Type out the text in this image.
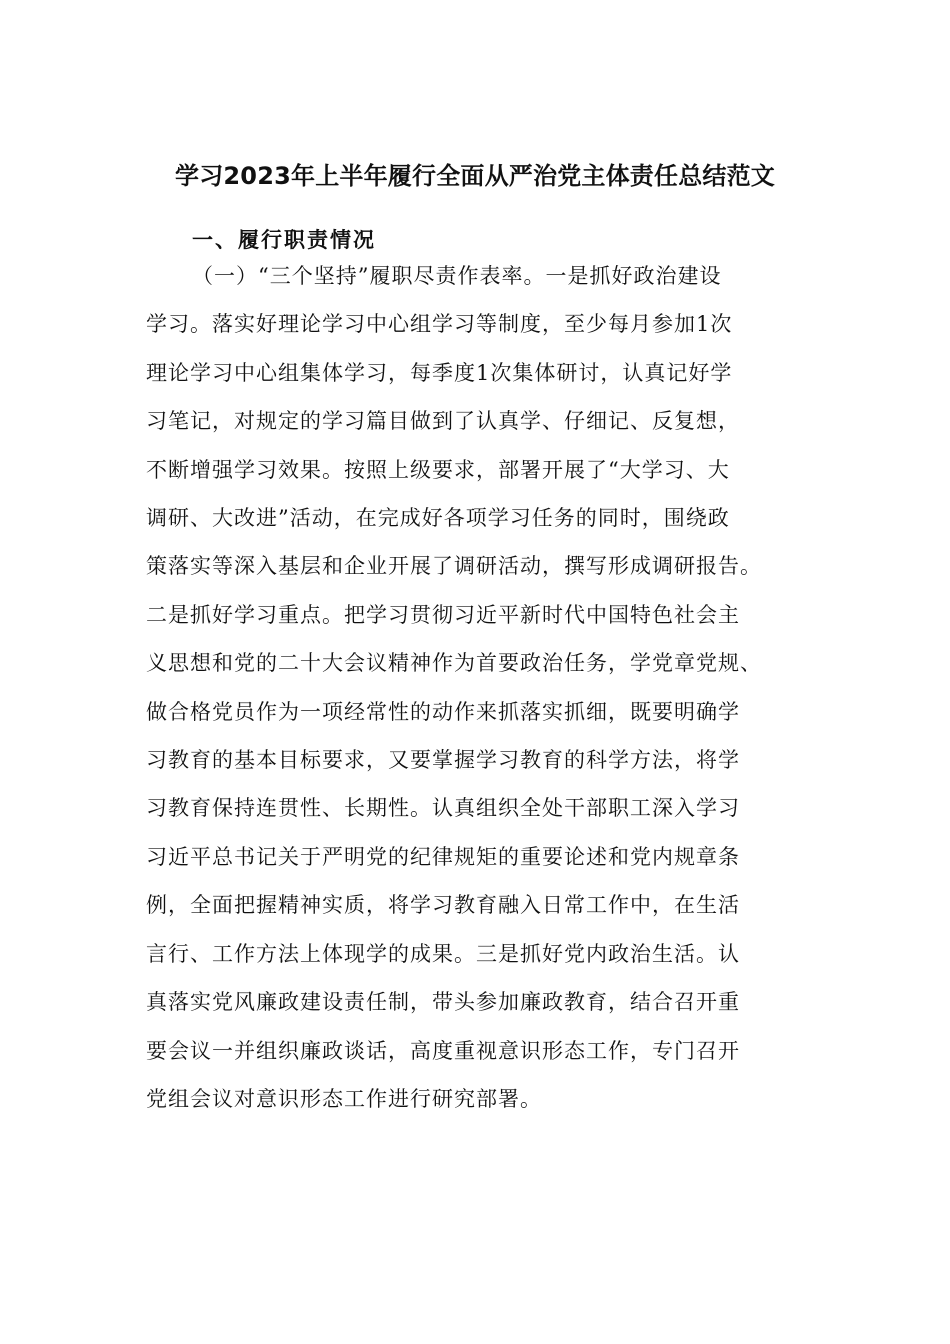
学习2023年上半年履行全面从严治党主体责任总结范文
一、履行职责情况

（一）“三个坚持”履职尽责作表率。一是抓好政治建设
学习。落实好理论学习中心组学习等制度，至少每月参加1次
理论学习中心组集体学习，每季度1次集体研讨，认真记好学
习笔记，对规定的学习篇目做到了认真学、仔细记、反复想，
不断增强学习效果。按照上级要求，部署开展了“大学习、大
调研、大改进”活动，在完成好各项学习任务的同时，围绕政
策落实等深入基层和企业开展了调研活动，撰写形成调研报告。
二是抓好学习重点。把学习贯彻习近平新时代中国特色社会主
义思想和党的二十大会议精神作为首要政治任务，学党章党规、
做合格党员作为一项经常性的动作来抓落实抓细，既要明确学
习教育的基本目标要求，又要掌握学习教育的科学方法，将学
习教育保持连贯性、长期性。认真组织全处干部职工深入学习
习近平总书记关于严明党的纪律规矩的重要论述和党内规章条
例，全面把握精神实质，将学习教育融入日常工作中，在生活
言行、工作方法上体现学的成果。三是抓好党内政治生活。认
真落实党风廉政建设责任制，带头参加廉政教育，结合召开重
要会议一并组织廉政谈话，高度重视意识形态工作，专门召开
党组会议对意识形态工作进行研究部署。
